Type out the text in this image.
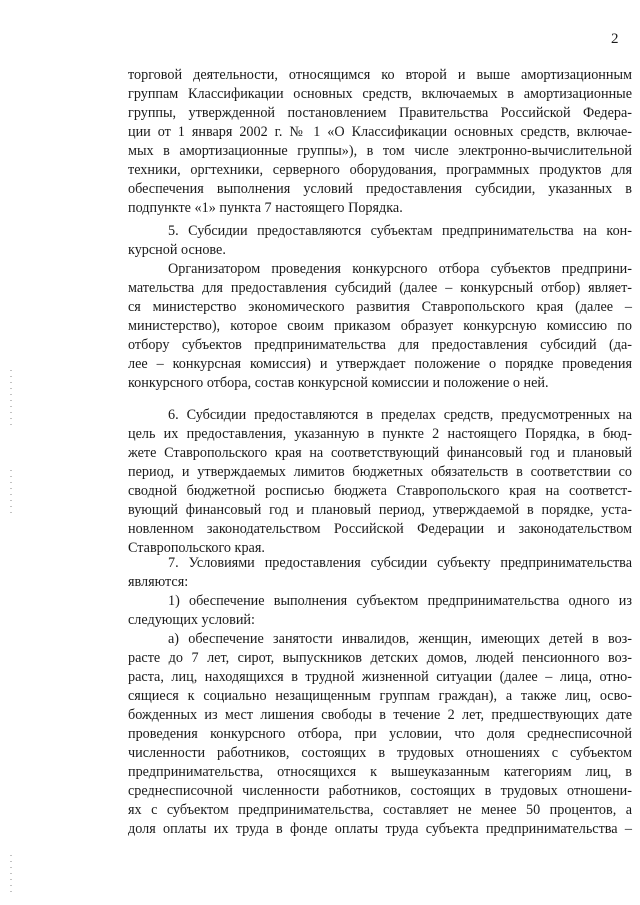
2
торговой деятельности, относящимся ко второй и выше амортизационным
группам Классификации основных средств, включаемых в амортизационные
группы, утвержденной постановлением Правительства Российской Федера-
ции от 1 января 2002 г. № 1 «О Классификации основных средств, включае-
мых в амортизационные группы»), в том числе электронно-вычислительной
техники, оргтехники, серверного оборудования, программных продуктов для
обеспечения выполнения условий предоставления субсидии, указанных в
подпункте «1» пункта 7 настоящего Порядка.
5. Субсидии предоставляются субъектам предпринимательства на кон-
курсной основе.
Организатором проведения конкурсного отбора субъектов предприни-
мательства для предоставления субсидий (далее – конкурсный отбор) являет-
ся министерство экономического развития Ставропольского края (далее –
министерство), которое своим приказом образует конкурсную комиссию по
отбору субъектов предпринимательства для предоставления субсидий (да-
лее – конкурсная комиссия) и утверждает положение о порядке проведения
конкурсного отбора, состав конкурсной комиссии и положение о ней.
6. Субсидии предоставляются в пределах средств, предусмотренных на
цель их предоставления, указанную в пункте 2 настоящего Порядка, в бюд-
жете Ставропольского края на соответствующий финансовый год и плановый
период, и утверждаемых лимитов бюджетных обязательств в соответствии со
сводной бюджетной росписью бюджета Ставропольского края на соответст-
вующий финансовый год и плановый период, утверждаемой в порядке, уста-
новленном законодательством Российской Федерации и законодательством
Ставропольского края.
7. Условиями предоставления субсидии субъекту предпринимательства
являются:
1) обеспечение выполнения субъектом предпринимательства одного из
следующих условий:
а) обеспечение занятости инвалидов, женщин, имеющих детей в воз-
расте до 7 лет, сирот, выпускников детских домов, людей пенсионного воз-
раста, лиц, находящихся в трудной жизненной ситуации (далее – лица, отно-
сящиеся к социально незащищенным группам граждан), а также лиц, осво-
божденных из мест лишения свободы в течение 2 лет, предшествующих дате
проведения конкурсного отбора, при условии, что доля среднесписочной
численности работников, состоящих в трудовых отношениях с субъектом
предпринимательства, относящихся к вышеуказанным категориям лиц, в
среднесписочной численности работников, состоящих в трудовых отношени-
ях с субъектом предпринимательства, составляет не менее 50 процентов, а
доля оплаты их труда в фонде оплаты труда субъекта предпринимательства –
